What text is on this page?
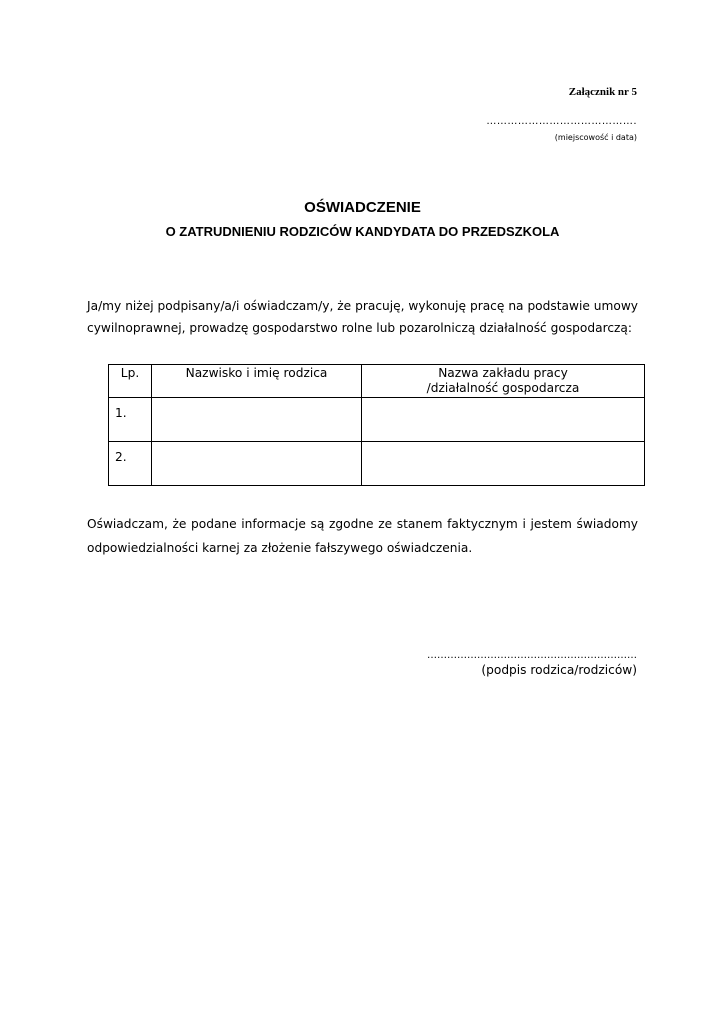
Załącznik nr 5
…………………………………….
(miejscowość i data)
OŚWIADCZENIE
O ZATRUDNIENIU RODZICÓW KANDYDATA DO PRZEDSZKOLA
Ja/my niżej podpisany/a/i oświadczam/y, że pracuję, wykonuję pracę na podstawie umowy cywilnoprawnej, prowadzę gospodarstwo rolne lub pozarolniczą działalność gospodarczą:
Lp.	Nazwisko i imię rodzica	Nazwa zakładu pracy
/działalność gospodarcza

1.		
2.		
Oświadczam, że podane informacje są zgodne ze stanem faktycznym i jestem świadomy odpowiedzialności karnej za złożenie fałszywego oświadczenia.
………………………………………………………
(podpis rodzica/rodziców)
